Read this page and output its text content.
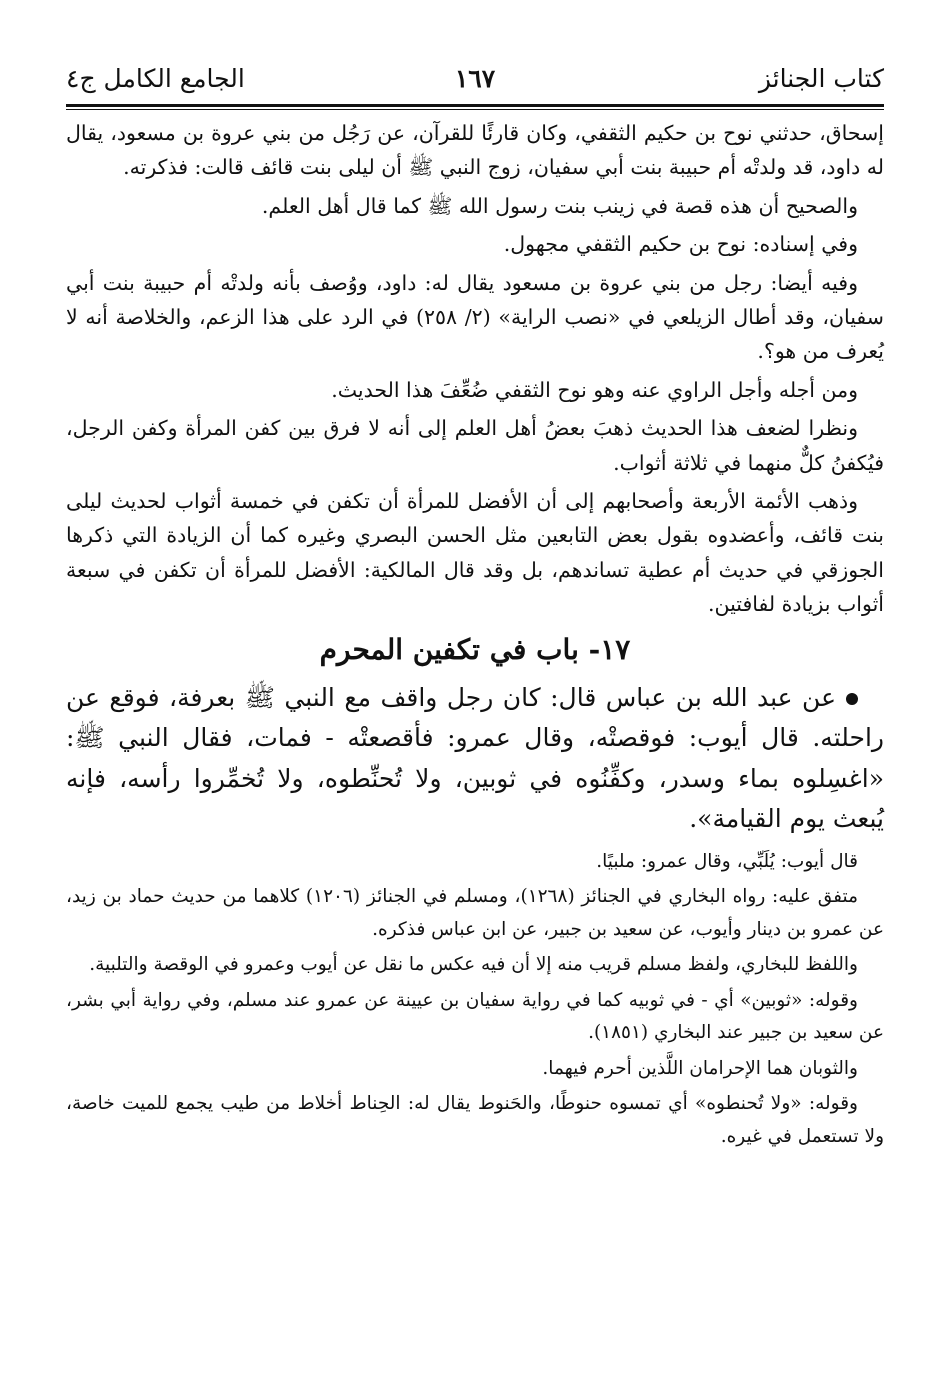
كتاب الجنائز
١٦٧
الجامع الكامل ج٤

إسحاق، حدثني نوح بن حكيم الثقفي، وكان قارئًا للقرآن، عن رَجُل من بني عروة بن مسعود، يقال له داود، قد ولدتْه أم حبيبة بنت أبي سفيان، زوج النبي ﷺ أن ليلى بنت قائف قالت: فذكرته.

والصحيح أن هذه قصة في زينب بنت رسول الله ﷺ كما قال أهل العلم.

وفي إسناده: نوح بن حكيم الثقفي مجهول.

وفيه أيضا: رجل من بني عروة بن مسعود يقال له: داود، ووُصف بأنه ولدتْه أم حبيبة بنت أبي سفيان، وقد أطال الزيلعي في «نصب الراية» (٢/ ٢٥٨) في الرد على هذا الزعم، والخلاصة أنه لا يُعرف من هو؟.

ومن أجله وأجل الراوي عنه وهو نوح الثقفي ضُعِّفَ هذا الحديث.

ونظرا لضعف هذا الحديث ذهبَ بعضُ أهل العلم إلى أنه لا فرق بين كفن المرأة وكفن الرجل، فيُكفنُ كلٌّ منهما في ثلاثة أثواب.

وذهب الأئمة الأربعة وأصحابهم إلى أن الأفضل للمرأة أن تكفن في خمسة أثواب لحديث ليلى بنت قائف، وأعضدوه بقول بعض التابعين مثل الحسن البصري وغيره كما أن الزيادة التي ذكرها الجوزقي في حديث أم عطية تساندهم، بل وقد قال المالكية: الأفضل للمرأة أن تكفن في سبعة أثواب بزيادة لفافتين.

١٧- باب في تكفين المحرم

عن عبد الله بن عباس قال: كان رجل واقف مع النبي ﷺ بعرفة، فوقع عن راحلته. قال أيوب: فوقصتْه، وقال عمرو: فأقصعتْه - فمات، فقال النبي ﷺ: «اغسِلوه بماء وسدر، وكفِّنُوه في ثوبين، ولا تُحنِّطوه، ولا تُخمِّروا رأسه، فإنه يُبعث يوم القيامة».

قال أيوب: يُلَبِّي، وقال عمرو: ملبيًا.

متفق عليه: رواه البخاري في الجنائز (١٢٦٨)، ومسلم في الجنائز (١٢٠٦) كلاهما من حديث حماد بن زيد، عن عمرو بن دينار وأيوب، عن سعيد بن جبير، عن ابن عباس فذكره.

واللفظ للبخاري، ولفظ مسلم قريب منه إلا أن فيه عكس ما نقل عن أيوب وعمرو في الوقصة والتلبية.

وقوله: «ثوبين» أي - في ثوبيه كما في رواية سفيان بن عيينة عن عمرو عند مسلم، وفي رواية أبي بشر، عن سعيد بن جبير عند البخاري (١٨٥١).

والثوبان هما الإحرامان اللَّذين أحرم فيهما.

وقوله: «ولا تُحنطوه» أي تمسوه حنوطًا، والحَنوط يقال له: الحِناط أخلاط من طيب يجمع للميت خاصة، ولا تستعمل في غيره.
